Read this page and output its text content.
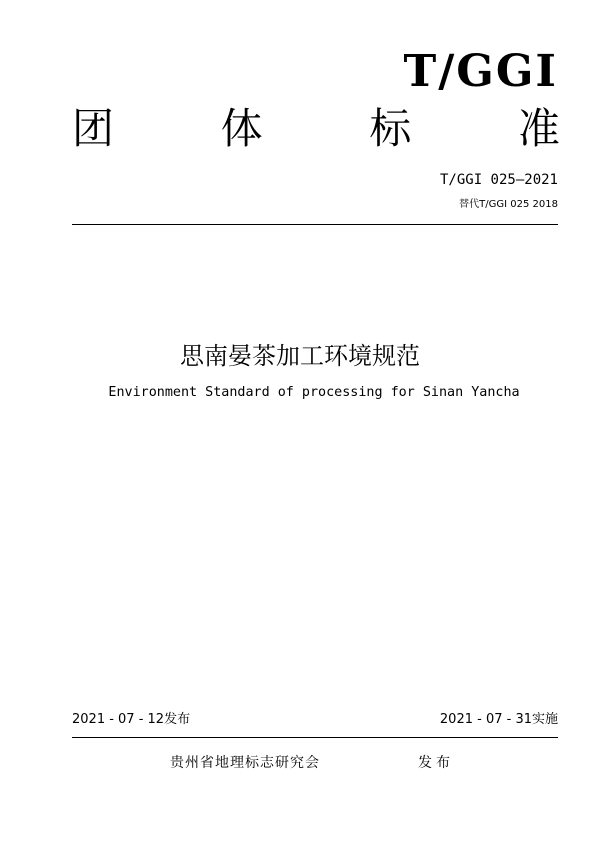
T/GGI
团	体	标	准
T/GGI 025—2021
替代T/GGI 025 2018
思南晏茶加工环境规范
Environment Standard of processing for Sinan Yancha
2021 - 07 - 12发布	2021 - 07 - 31实施
贵州省地理标志研究会	发布
